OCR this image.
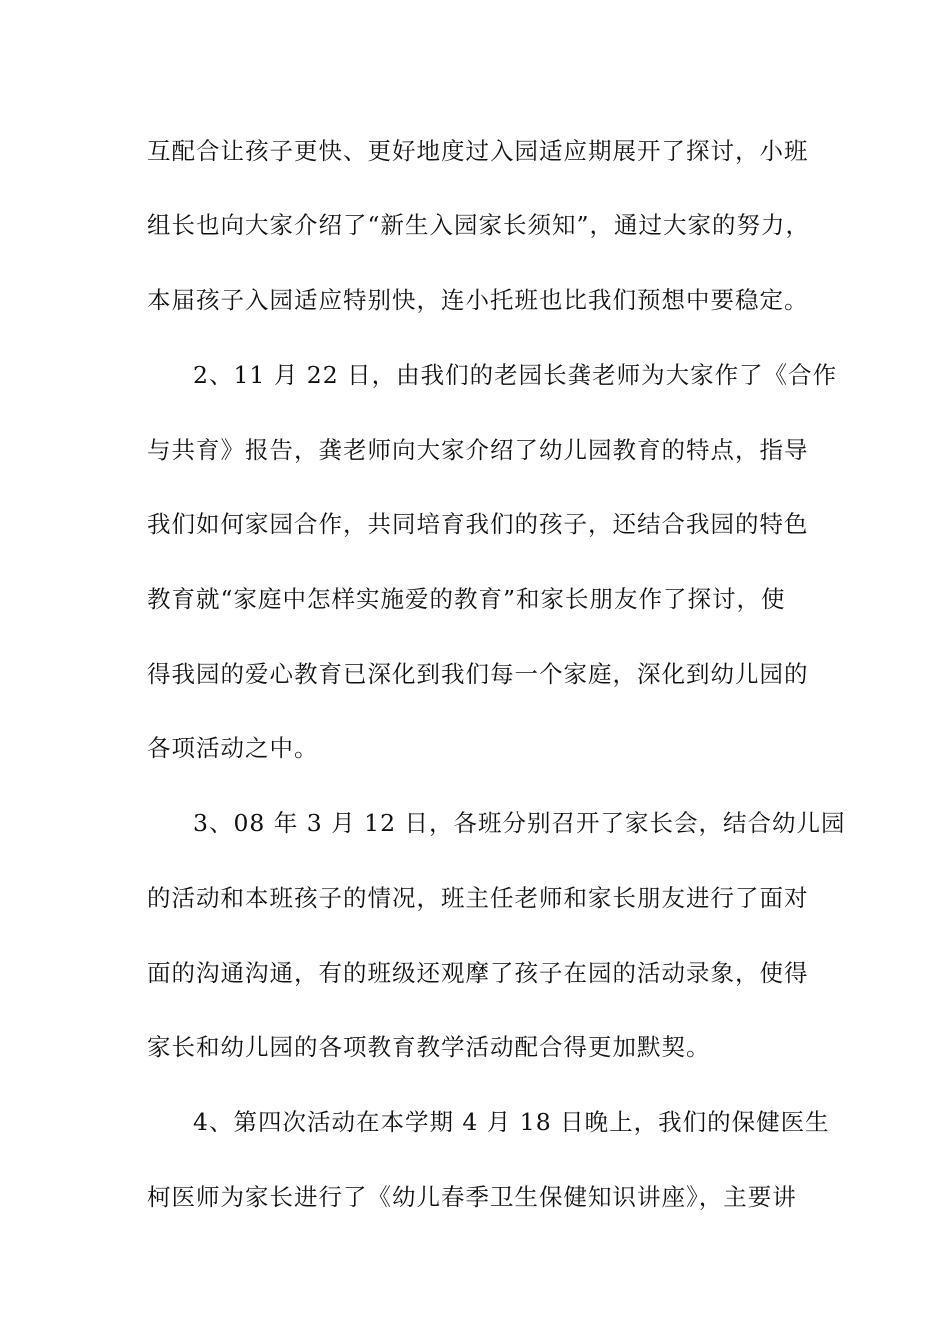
互配合让孩子更快、更好地度过入园适应期展开了探讨，小班
组长也向大家介绍了“新生入园家长须知”，通过大家的努力，
本届孩子入园适应特别快，连小托班也比我们预想中要稳定。
2、11 月 22 日，由我们的老园长龚老师为大家作了《合作
与共育》报告，龚老师向大家介绍了幼儿园教育的特点，指导
我们如何家园合作，共同培育我们的孩子，还结合我园的特色
教育就“家庭中怎样实施爱的教育”和家长朋友作了探讨，使
得我园的爱心教育已深化到我们每一个家庭，深化到幼儿园的
各项活动之中。
3、08 年 3 月 12 日，各班分别召开了家长会，结合幼儿园
的活动和本班孩子的情况，班主任老师和家长朋友进行了面对
面的沟通沟通，有的班级还观摩了孩子在园的活动录象，使得
家长和幼儿园的各项教育教学活动配合得更加默契。
4、第四次活动在本学期 4 月 18 日晚上，我们的保健医生
柯医师为家长进行了《幼儿春季卫生保健知识讲座》，主要讲
